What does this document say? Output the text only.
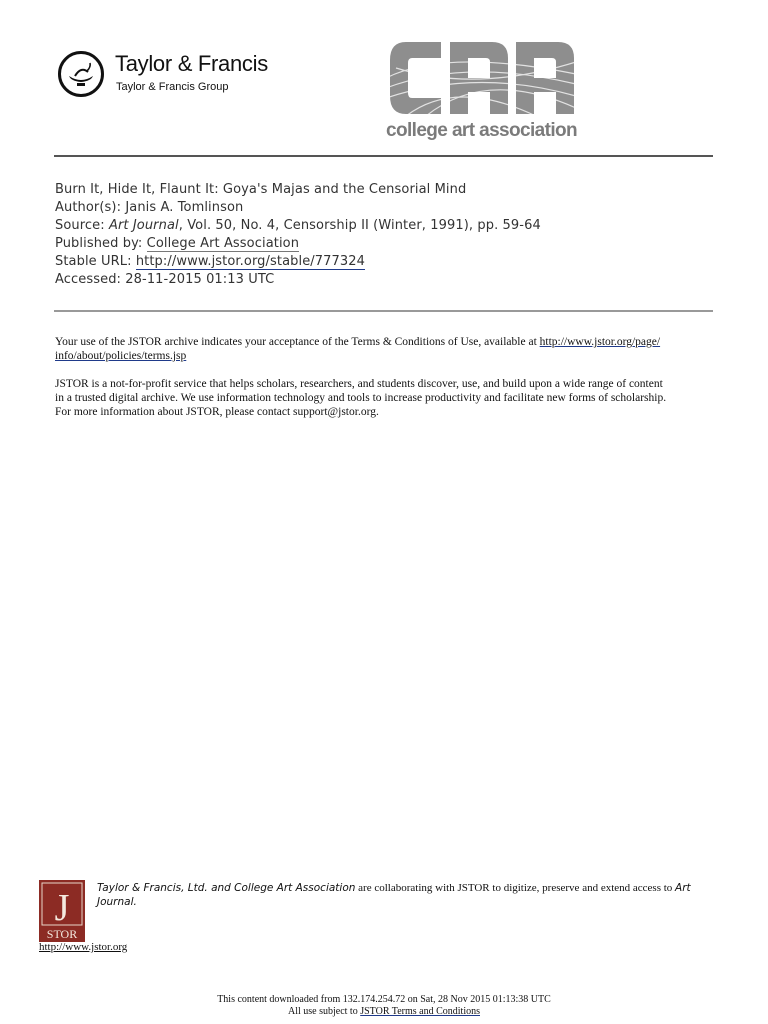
Taylor & Francis
Taylor & Francis Group
college art association
Burn It, Hide It, Flaunt It: Goya's Majas and the Censorial Mind
Author(s): Janis A. Tomlinson
Source: Art Journal, Vol. 50, No. 4, Censorship II (Winter, 1991), pp. 59-64
Published by: College Art Association
Stable URL: http://www.jstor.org/stable/777324
Accessed: 28-11-2015 01:13 UTC
Your use of the JSTOR archive indicates your acceptance of the Terms & Conditions of Use, available at http://www.jstor.org/page/
info/about/policies/terms.jsp
JSTOR is a not-for-profit service that helps scholars, researchers, and students discover, use, and build upon a wide range of content
in a trusted digital archive. We use information technology and tools to increase productivity and facilitate new forms of scholarship.
For more information about JSTOR, please contact support@jstor.org.
J
STOR
http://www.jstor.org
Taylor & Francis, Ltd. and College Art Association are collaborating with JSTOR to digitize, preserve and extend access to Art
Journal.
This content downloaded from 132.174.254.72 on Sat, 28 Nov 2015 01:13:38 UTC
All use subject to JSTOR Terms and Conditions
